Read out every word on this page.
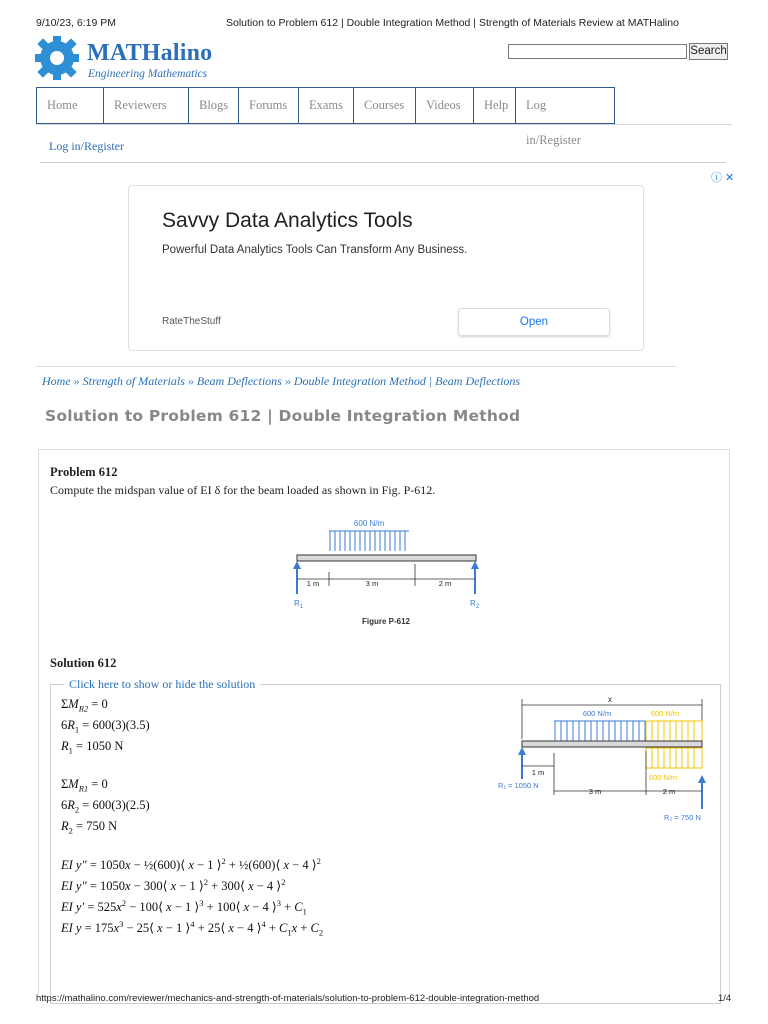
9/10/23, 6:19 PM	Solution to Problem 612 | Double Integration Method | Strength of Materials Review at MATHalino
MATHalino
Engineering Mathematics
Search
Home	Reviewers	Blogs	Forums	Exams	Courses	Videos	Help	Log in/Register
Log in/Register
ⓘ ✕
Savvy Data Analytics Tools
Powerful Data Analytics Tools Can Transform Any Business.
RateTheStuff	Open
Home » Strength of Materials » Beam Deflections » Double Integration Method | Beam Deflections
Solution to Problem 612 | Double Integration Method
Problem 612
Compute the midspan value of EI δ for the beam loaded as shown in Fig. P-612.
600 N/m
1 m	3 m	2 m
$R_1$	$R_2$
Figure P-612
Solution 612
Click here to show or hide the solution
$\Sigma M_{R2} = 0$
$6R_1 = 600(3)(3.5)$
$R_1 = 1050$ N
$\Sigma M_{R1} = 0$
$6R_2 = 600(3)(2.5)$
$R_2 = 750$ N
EI y″ = 1050x − ½(600)⟨ x − 1 ⟩$^2$ + ½(600)⟨ x − 4 ⟩$^2$
EI y″ = 1050x − 300⟨ x − 1 ⟩$^2$ + 300⟨ x − 4 ⟩$^2$
EI $y' = 525x^2$ − 100⟨ x − 1 ⟩$^3$ + 100⟨ x − 4 ⟩$^3$ + $C_1$
EI $y = 175x^3$ − 25⟨ x − 1 ⟩$^4$ + 25⟨ x − 4 ⟩$^4$ + $C_1x + C_2$
x
600 N/m	600 N/m
600 N/m
1 m
3 m	2 m
R₁ = 1050 N
R₂ = 750 N
https://mathalino.com/reviewer/mechanics-and-strength-of-materials/solution-to-problem-612-double-integration-method	1/4
